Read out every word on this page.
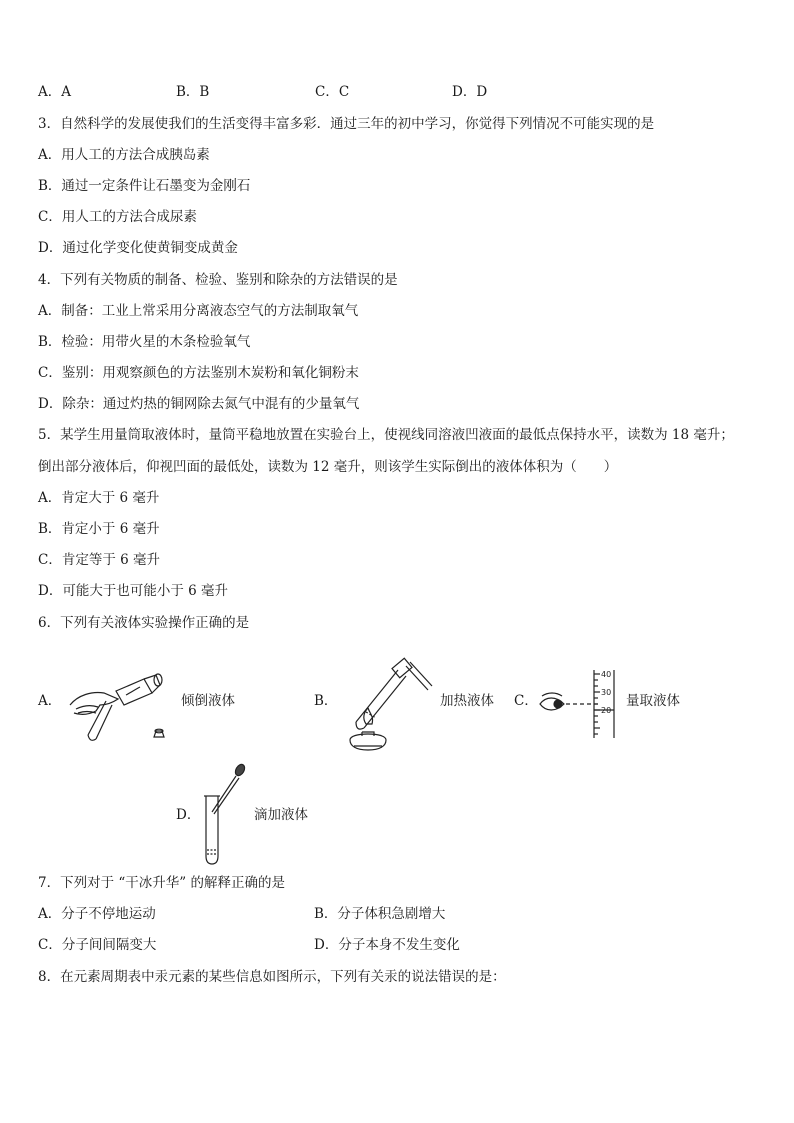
A．A	B．B	C．C	D．D
3．自然科学的发展使我们的生活变得丰富多彩．通过三年的初中学习，你觉得下列情况不可能实现的是
A．用人工的方法合成胰岛素
B．通过一定条件让石墨变为金刚石
C．用人工的方法合成尿素
D．通过化学变化使黄铜变成黄金
4．下列有关物质的制备、检验、鉴别和除杂的方法错误的是
A．制备：工业上常采用分离液态空气的方法制取氧气
B．检验：用带火星的木条检验氧气
C．鉴别：用观察颜色的方法鉴别木炭粉和氧化铜粉末
D．除杂：通过灼热的铜网除去氮气中混有的少量氧气
5．某学生用量筒取液体时，量筒平稳地放置在实验台上，使视线同溶液凹液面的最低点保持水平，读数为 18 毫升；
倒出部分液体后，仰视凹面的最低处，读数为 12 毫升，则该学生实际倒出的液体体积为（　　）
A．肯定大于 6 毫升
B．肯定小于 6 毫升
C．肯定等于 6 毫升
D．可能大于也可能小于 6 毫升
6．下列有关液体实验操作正确的是
A．	倾倒液体	B．	加热液体 C．
40
30
20
量取液体
D．	滴加液体
7．下列对于 “干冰升华” 的解释正确的是
A．分子不停地运动	B．分子体积急剧增大
C．分子间间隔变大	D．分子本身不发生变化
8．在元素周期表中汞元素的某些信息如图所示，下列有关汞的说法错误的是：
